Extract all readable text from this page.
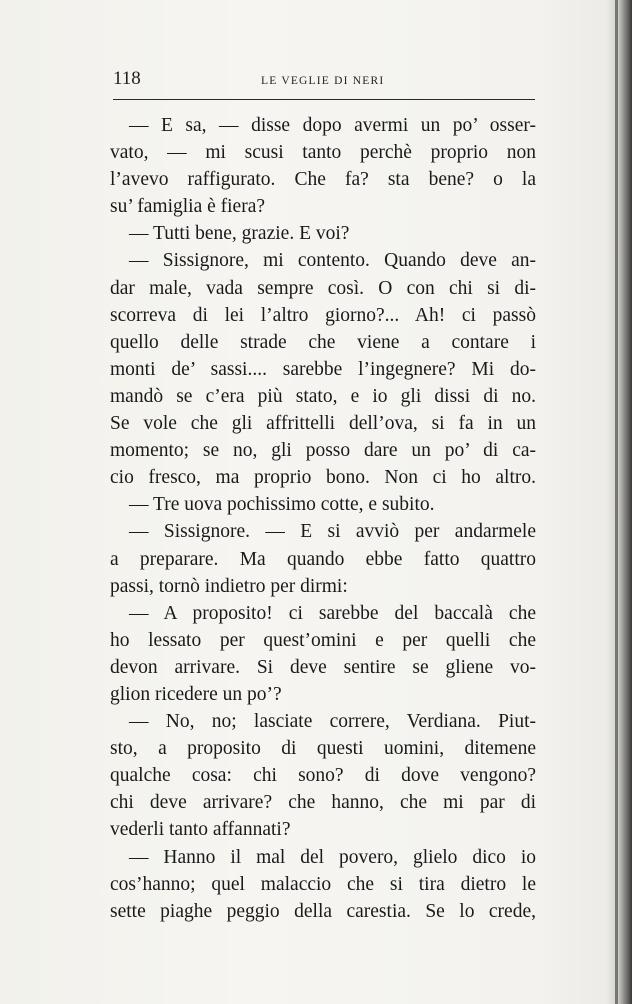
118	LE VEGLIE DI NERI
— E sa, — disse dopo avermi un po’ osser-
vato, — mi scusi tanto perchè proprio non
l’avevo raffigurato. Che fa? sta bene? o la
su’ famiglia è fiera?
— Tutti bene, grazie. E voi?
— Sissignore, mi contento. Quando deve an-
dar male, vada sempre così. O con chi si di-
scorreva di lei l’altro giorno?... Ah! ci passò
quello delle strade che viene a contare i
monti de’ sassi.... sarebbe l’ingegnere? Mi do-
mandò se c’era più stato, e io gli dissi di no.
Se vole che gli affrittelli dell’ova, si fa in un
momento; se no, gli posso dare un po’ di ca-
cio fresco, ma proprio bono. Non ci ho altro.
— Tre uova pochissimo cotte, e subito.
— Sissignore. — E si avviò per andarmele
a preparare. Ma quando ebbe fatto quattro
passi, tornò indietro per dirmi:
— A proposito! ci sarebbe del baccalà che
ho lessato per quest’omini e per quelli che
devon arrivare. Si deve sentire se gliene vo-
glion ricedere un po’?
— No, no; lasciate correre, Verdiana. Piut-
sto, a proposito di questi uomini, ditemene
qualche cosa: chi sono? di dove vengono?
chi deve arrivare? che hanno, che mi par di
vederli tanto affannati?
— Hanno il mal del povero, glielo dico io
cos’hanno; quel malaccio che si tira dietro le
sette piaghe peggio della carestia. Se lo crede,
